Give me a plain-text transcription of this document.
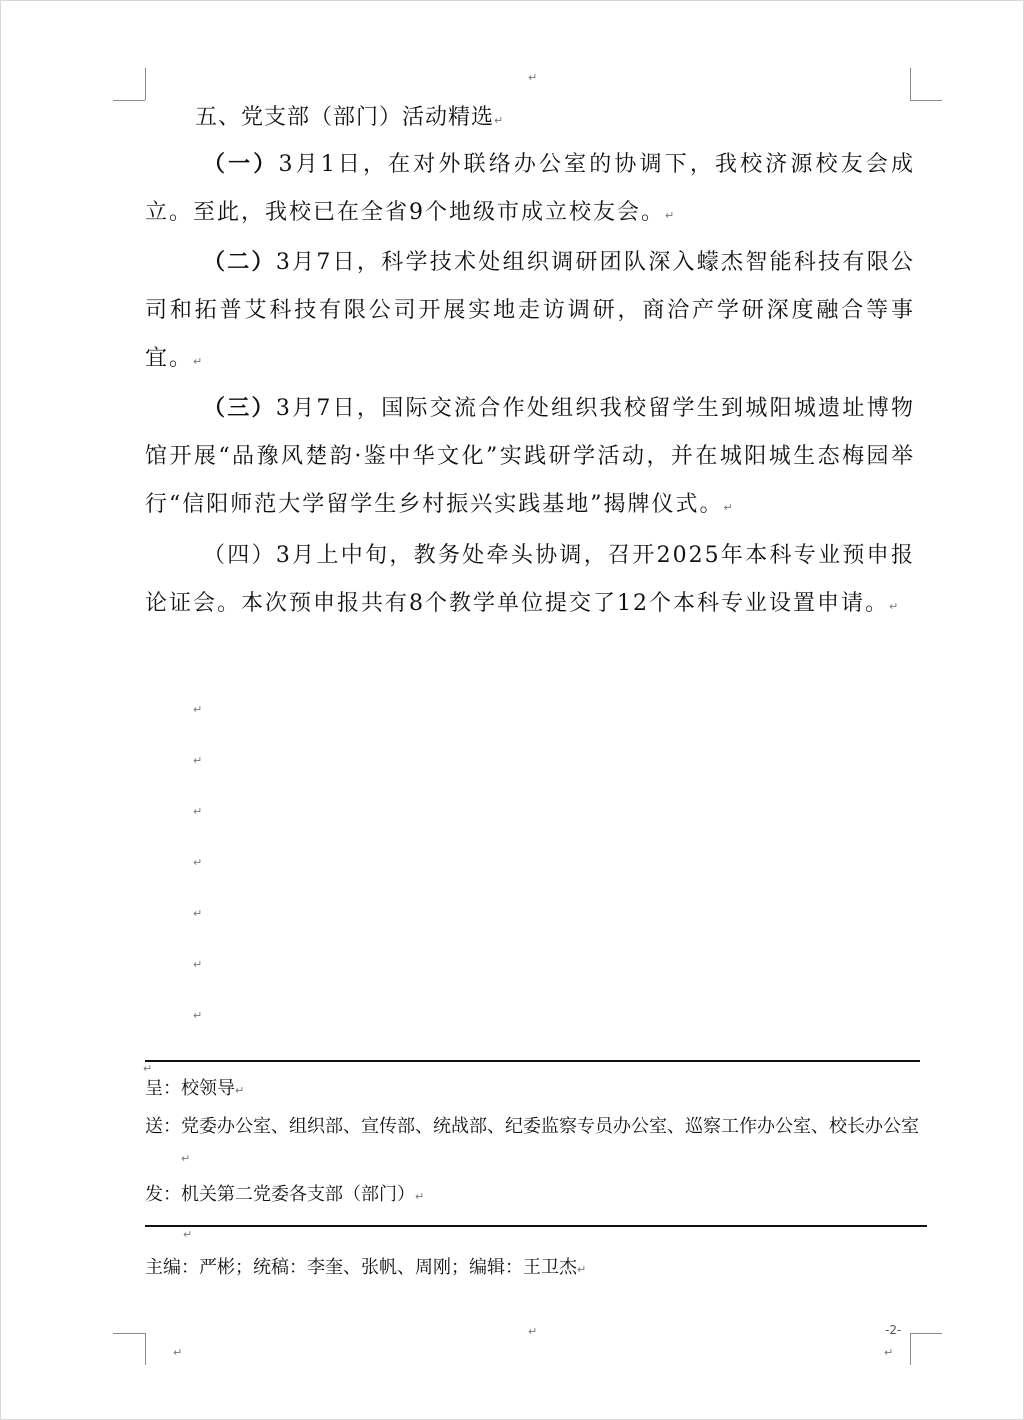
↵
五、党支部（部门）活动精选↵

（一）3月1日，在对外联络办公室的协调下，我校济源校友会成立。至此，我校已在全省9个地级市成立校友会。↵

（二）3月7日，科学技术处组织调研团队深入蠓杰智能科技有限公司和拓普艾科技有限公司开展实地走访调研，商洽产学研深度融合等事宜。↵

（三）3月7日，国际交流合作处组织我校留学生到城阳城遗址博物馆开展“品豫风楚韵·鉴中华文化”实践研学活动，并在城阳城生态梅园举行“信阳师范大学留学生乡村振兴实践基地”揭牌仪式。↵

（四）3月上中旬，教务处牵头协调，召开2025年本科专业预申报论证会。本次预申报共有8个教学单位提交了12个本科专业设置申请。↵

↵
↵
↵
↵
↵
↵
↵
↵
呈： 校领导↵
送： 党委办公室、组织部、宣传部、统战部、纪委监察专员办公室、巡察工作办公室、校长办公室↵
发： 机关第二党委各支部（部门）↵
↵
主编：严彬；统稿：李奎、张帆、周刚；编辑：王卫杰↵
↵	-2-
↵	↵
